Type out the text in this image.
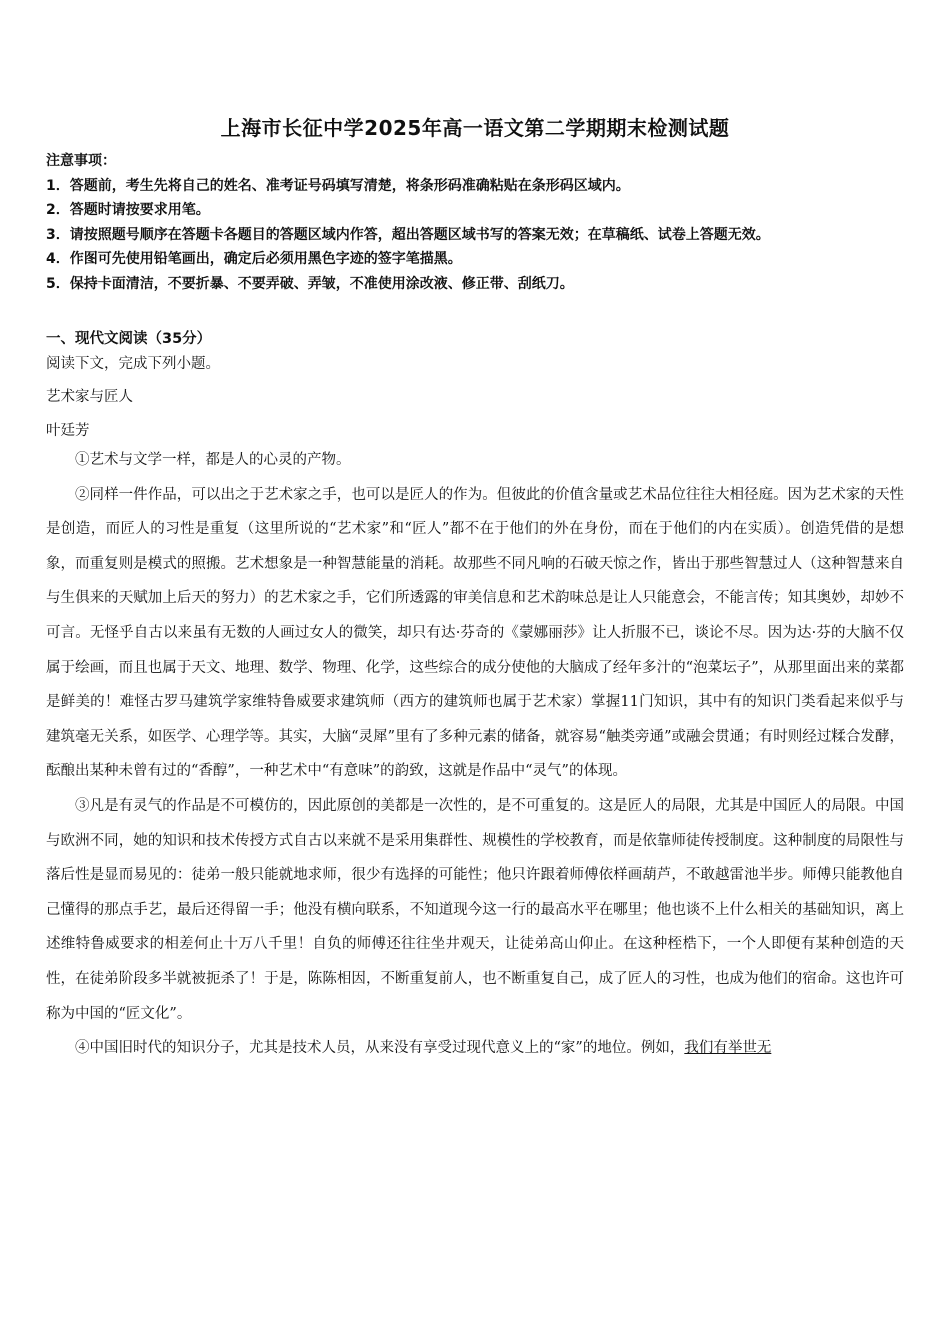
上海市长征中学2025年高一语文第二学期期末检测试题
注意事项：
1．答题前，考生先将自己的姓名、准考证号码填写清楚，将条形码准确粘贴在条形码区域内。
2．答题时请按要求用笔。
3．请按照题号顺序在答题卡各题目的答题区域内作答，超出答题区域书写的答案无效；在草稿纸、试卷上答题无效。
4．作图可先使用铅笔画出，确定后必须用黑色字迹的签字笔描黑。
5．保持卡面清洁，不要折暴、不要弄破、弄皱，不准使用涂改液、修正带、刮纸刀。
一、现代文阅读（35分）
阅读下文，完成下列小题。
艺术家与匠人
叶廷芳

①艺术与文学一样，都是人的心灵的产物。

②同样一件作品，可以出之于艺术家之手，也可以是匠人的作为。但彼此的价值含量或艺术品位往往大相径庭。因为艺术家的天性是创造，而匠人的习性是重复（这里所说的“艺术家”和“匠人”都不在于他们的外在身份，而在于他们的内在实质）。创造凭借的是想象，而重复则是模式的照搬。艺术想象是一种智慧能量的消耗。故那些不同凡响的石破天惊之作，皆出于那些智慧过人（这种智慧来自与生俱来的天赋加上后天的努力）的艺术家之手，它们所透露的审美信息和艺术韵味总是让人只能意会，不能言传；知其奥妙，却妙不可言。无怪乎自古以来虽有无数的人画过女人的微笑，却只有达·芬奇的《蒙娜丽莎》让人折服不已，谈论不尽。因为达·芬的大脑不仅属于绘画，而且也属于天文、地理、数学、物理、化学，这些综合的成分使他的大脑成了经年多汁的“泡菜坛子”，从那里面出来的菜都是鲜美的！难怪古罗马建筑学家维特鲁威要求建筑师（西方的建筑师也属于艺术家）掌握11门知识，其中有的知识门类看起来似乎与建筑毫无关系，如医学、心理学等。其实，大脑“灵犀”里有了多种元素的储备，就容易“触类旁通”或融会贯通；有时则经过糅合发酵，酝酿出某种未曾有过的“香醇”，一种艺术中“有意味”的韵致，这就是作品中“灵气”的体现。

③凡是有灵气的作品是不可模仿的，因此原创的美都是一次性的，是不可重复的。这是匠人的局限，尤其是中国匠人的局限。中国与欧洲不同，她的知识和技术传授方式自古以来就不是采用集群性、规模性的学校教育，而是依靠师徒传授制度。这种制度的局限性与落后性是显而易见的：徒弟一般只能就地求师，很少有选择的可能性；他只许跟着师傅依样画葫芦，不敢越雷池半步。师傅只能教他自己懂得的那点手艺，最后还得留一手；他没有横向联系，不知道现今这一行的最高水平在哪里；他也谈不上什么相关的基础知识，离上述维特鲁威要求的相差何止十万八千里！自负的师傅还往往坐井观天，让徒弟高山仰止。在这种桎梏下，一个人即便有某种创造的天性，在徒弟阶段多半就被扼杀了！于是，陈陈相因，不断重复前人，也不断重复自己，成了匠人的习性，也成为他们的宿命。这也许可称为中国的“匠文化”。

④中国旧时代的知识分子，尤其是技术人员，从来没有享受过现代意义上的“家”的地位。例如，我们有举世无
